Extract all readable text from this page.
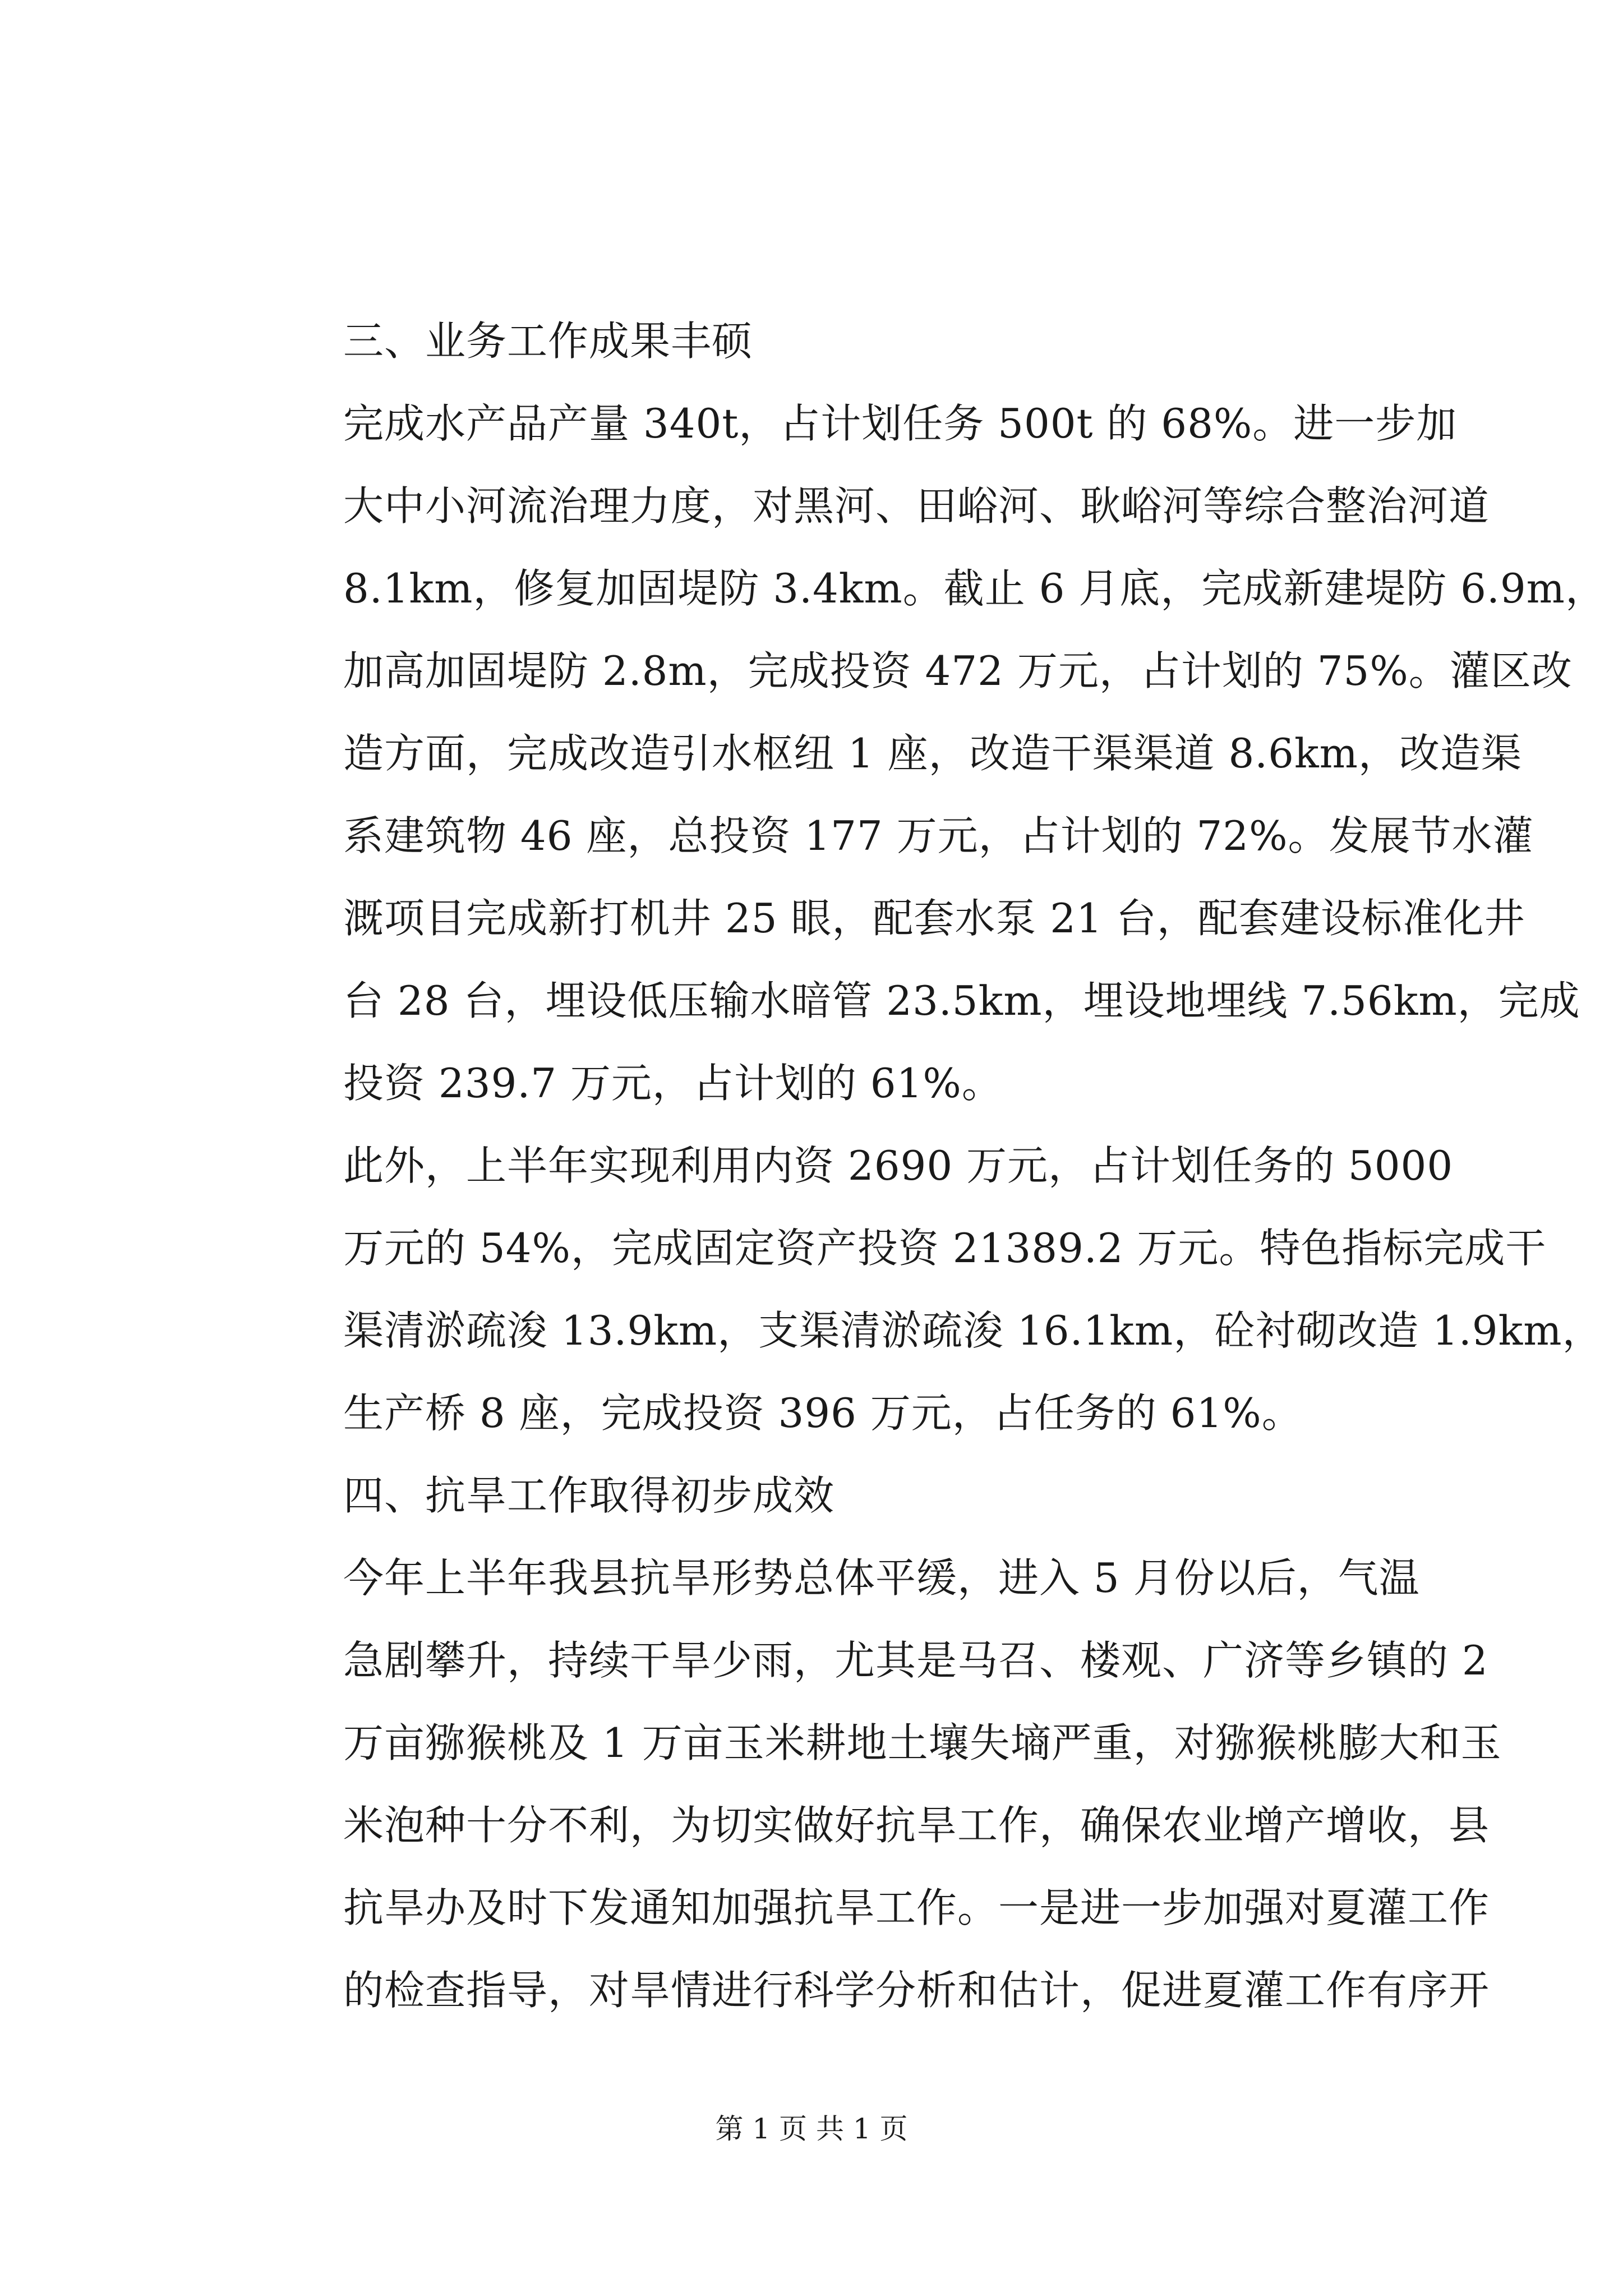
三、业务工作成果丰硕

完成水产品产量 340t，占计划任务 500t 的 68%。进一步加
大中小河流治理力度，对黑河、田峪河、耿峪河等综合整治河道
8.1km，修复加固堤防 3.4km。截止 6 月底，完成新建堤防 6.9m，
加高加固堤防 2.8m，完成投资 472 万元，占计划的 75%。灌区改
造方面，完成改造引水枢纽 1 座，改造干渠渠道 8.6km，改造渠
系建筑物 46 座，总投资 177 万元，占计划的 72%。发展节水灌
溉项目完成新打机井 25 眼，配套水泵 21 台，配套建设标准化井
台 28 台，埋设低压输水暗管 23.5km，埋设地埋线 7.56km，完成
投资 239.7 万元，占计划的 61%。
此外，上半年实现利用内资 2690 万元，占计划任务的 5000
万元的 54%，完成固定资产投资 21389.2 万元。特色指标完成干
渠清淤疏浚 13.9km，支渠清淤疏浚 16.1km，砼衬砌改造 1.9km，
生产桥 8 座，完成投资 396 万元，占任务的 61%。

四、抗旱工作取得初步成效

今年上半年我县抗旱形势总体平缓，进入 5 月份以后，气温
急剧攀升，持续干旱少雨，尤其是马召、楼观、广济等乡镇的 2
万亩猕猴桃及 1 万亩玉米耕地土壤失墒严重，对猕猴桃膨大和玉
米泡种十分不利，为切实做好抗旱工作，确保农业增产增收，县
抗旱办及时下发通知加强抗旱工作。一是进一步加强对夏灌工作
的检查指导，对旱情进行科学分析和估计，促进夏灌工作有序开
第 1 页 共 1 页
